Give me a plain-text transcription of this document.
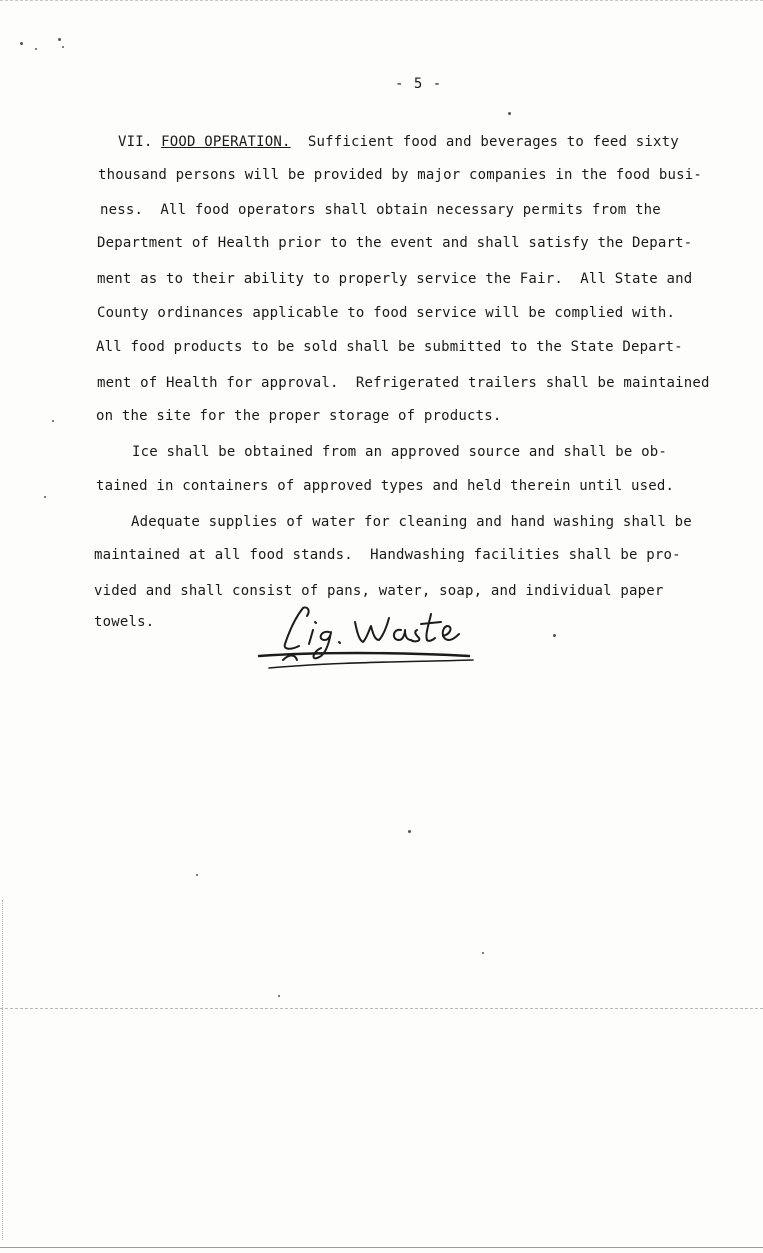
- 5 -
VII. FOOD OPERATION. Sufficient food and beverages to feed sixty
thousand persons will be provided by major companies in the food busi-
ness.  All food operators shall obtain necessary permits from the
Department of Health prior to the event and shall satisfy the Depart-
ment as to their ability to properly service the Fair.  All State and
County ordinances applicable to food service will be complied with.
All food products to be sold shall be submitted to the State Depart-
ment of Health for approval.  Refrigerated trailers shall be maintained
on the site for the proper storage of products.
Ice shall be obtained from an approved source and shall be ob-
tained in containers of approved types and held therein until used.
Adequate supplies of water for cleaning and hand washing shall be
maintained at all food stands.  Handwashing facilities shall be pro-
vided and shall consist of pans, water, soap, and individual paper
towels.
